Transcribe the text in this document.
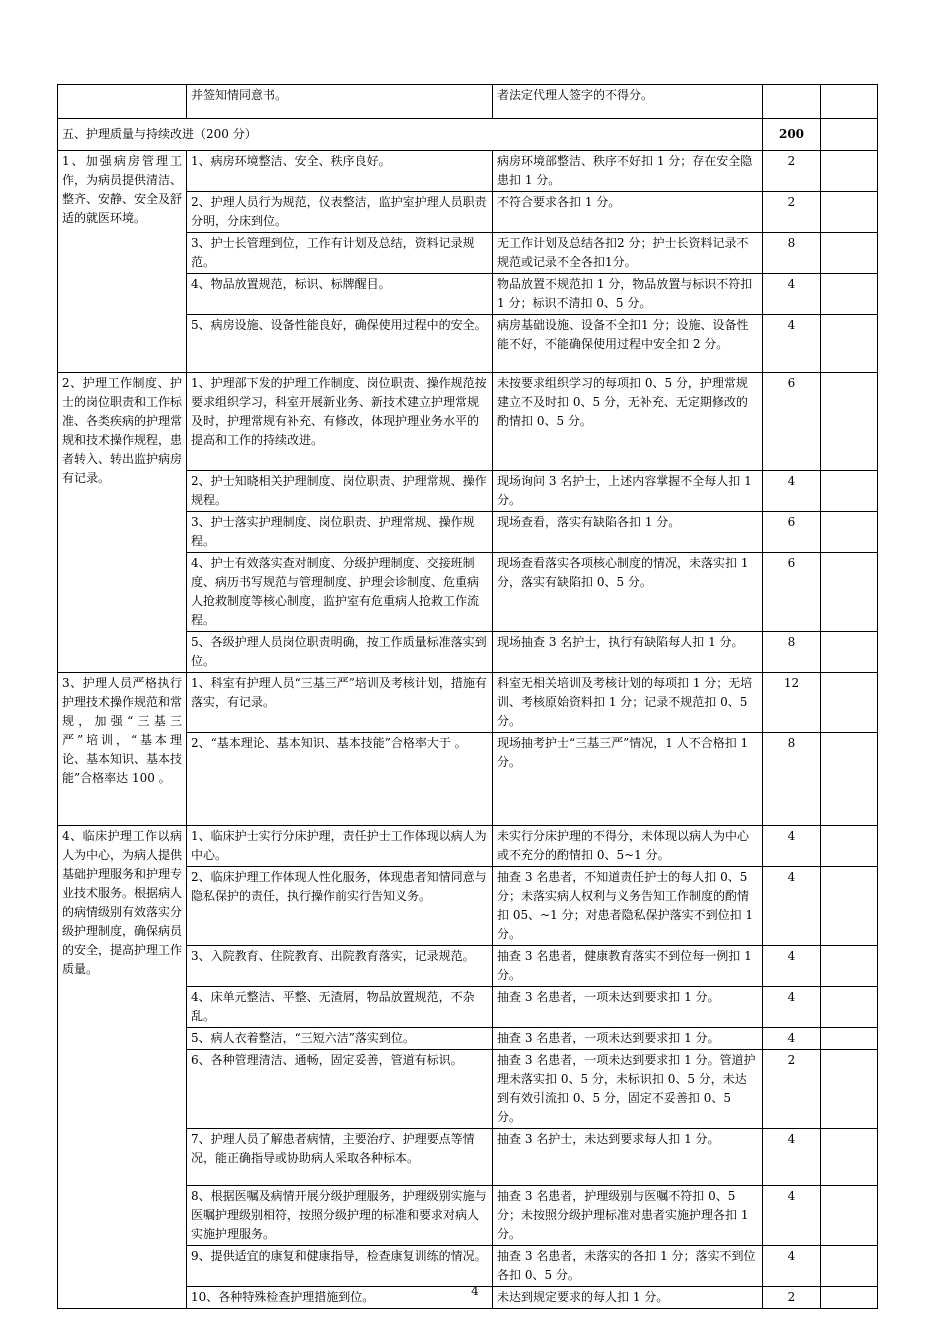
	并签知情同意书。	者法定代理人签字的不得分。		
五、护理质量与持续改进（200 分）			200	
1、加强病房管理工作，为病员提供清洁、整齐、安静、安全及舒适的就医环境。	1、病房环境整洁、安全、秩序良好。	病房环境部整洁、秩序不好扣 1 分；存在安全隐患扣 1 分。	2	
	2、护理人员行为规范，仪表整洁，监护室护理人员职责分明，分床到位。	不符合要求各扣 1 分。	2	
	3、护士长管理到位，工作有计划及总结，资料记录规范。	无工作计划及总结各扣2 分；护士长资料记录不规范或记录不全各扣1分。	8	
	4、物品放置规范，标识、标牌醒目。	物品放置不规范扣 1 分，物品放置与标识不符扣 1 分；标识不清扣 0、5 分。	4	
	5、病房设施、设备性能良好，确保使用过程中的安全。	病房基础设施、设备不全扣1 分；设施、设备性能不好，不能确保使用过程中安全扣 2 分。	4	
2、护理工作制度、护士的岗位职责和工作标准、各类疾病的护理常规和技术操作规程，患者转入、转出监护病房有记录。	1、护理部下发的护理工作制度、岗位职责、操作规范按要求组织学习，科室开展新业务、新技术建立护理常规及时，护理常规有补充、有修改，体现护理业务水平的提高和工作的持续改进。	未按要求组织学习的每项扣 0、5 分，护理常规建立不及时扣 0、5 分，无补充、无定期修改的酌情扣 0、5 分。	6	
	2、护士知晓相关护理制度、岗位职责、护理常规、操作规程。	现场询问 3 名护士，上述内容掌握不全每人扣 1 分。	4	
	3、护士落实护理制度、岗位职责、护理常规、操作规程。	现场查看，落实有缺陷各扣 1 分。	6	
	4、护士有效落实查对制度、分级护理制度、交接班制度、病历书写规范与管理制度、护理会诊制度、危重病人抢救制度等核心制度，监护室有危重病人抢救工作流程。	现场查看落实各项核心制度的情况，未落实扣 1 分，落实有缺陷扣 0、5 分。	6	
	5、各级护理人员岗位职责明确，按工作质量标准落实到位。	现场抽查 3 名护士，执行有缺陷每人扣 1 分。	8	
3、护理人员严格执行护理技术操作规范和常规，加强“三基三严”培训，“基本理论、基本知识、基本技能”合格率达 100 。	1、科室有护理人员“三基三严”培训及考核计划，措施有落实，有记录。	科室无相关培训及考核计划的每项扣 1 分；无培训、考核原始资料扣 1 分；记录不规范扣 0、5 分。	12	
	2、“基本理论、基本知识、基本技能”合格率大于 。	现场抽考护士“三基三严”情况，1 人不合格扣 1 分。	8	
4、临床护理工作以病人为中心，为病人提供基础护理服务和护理专业技术服务。根据病人的病情级别有效落实分级护理制度，确保病员的安全，提高护理工作质量。	1、临床护士实行分床护理，责任护士工作体现以病人为中心。	未实行分床护理的不得分，未体现以病人为中心或不充分的酌情扣 0、5~1 分。	4	
	2、临床护理工作体现人性化服务，体现患者知情同意与隐私保护的责任，执行操作前实行告知义务。	抽查 3 名患者，不知道责任护士的每人扣 0、5 分；未落实病人权利与义务告知工作制度的酌情扣 05、~1 分；对患者隐私保护落实不到位扣 1 分。	4	
	3、入院教育、住院教育、出院教育落实，记录规范。	抽查 3 名患者，健康教育落实不到位每一例扣 1 分。	4	
	4、床单元整洁、平整、无渣屑，物品放置规范，不杂乱。	抽查 3 名患者，一项未达到要求扣 1 分。	4	
	5、病人衣着整洁，“三短六洁”落实到位。	抽查 3 名患者，一项未达到要求扣 1 分。	4	
	6、各种管理清洁、通畅，固定妥善，管道有标识。	抽查 3 名患者，一项未达到要求扣 1 分。管道护理未落实扣 0、5 分，未标识扣 0、5 分，未达到有效引流扣 0、5 分，固定不妥善扣 0、5 分。	2	
	7、护理人员了解患者病情，主要治疗、护理要点等情况，能正确指导或协助病人采取各种标本。	抽查 3 名护士，未达到要求每人扣 1 分。	4	
	8、根据医嘱及病情开展分级护理服务，护理级别实施与医嘱护理级别相符，按照分级护理的标准和要求对病人实施护理服务。	抽查 3 名患者，护理级别与医嘱不符扣 0、5 分；未按照分级护理标准对患者实施护理各扣 1 分。	4	
	9、提供适宜的康复和健康指导，检查康复训练的情况。	抽查 3 名患者，未落实的各扣 1 分；落实不到位各扣 0、5 分。	4	
	10、各种特殊检查护理措施到位。	未达到规定要求的每人扣 1 分。	2	
4
